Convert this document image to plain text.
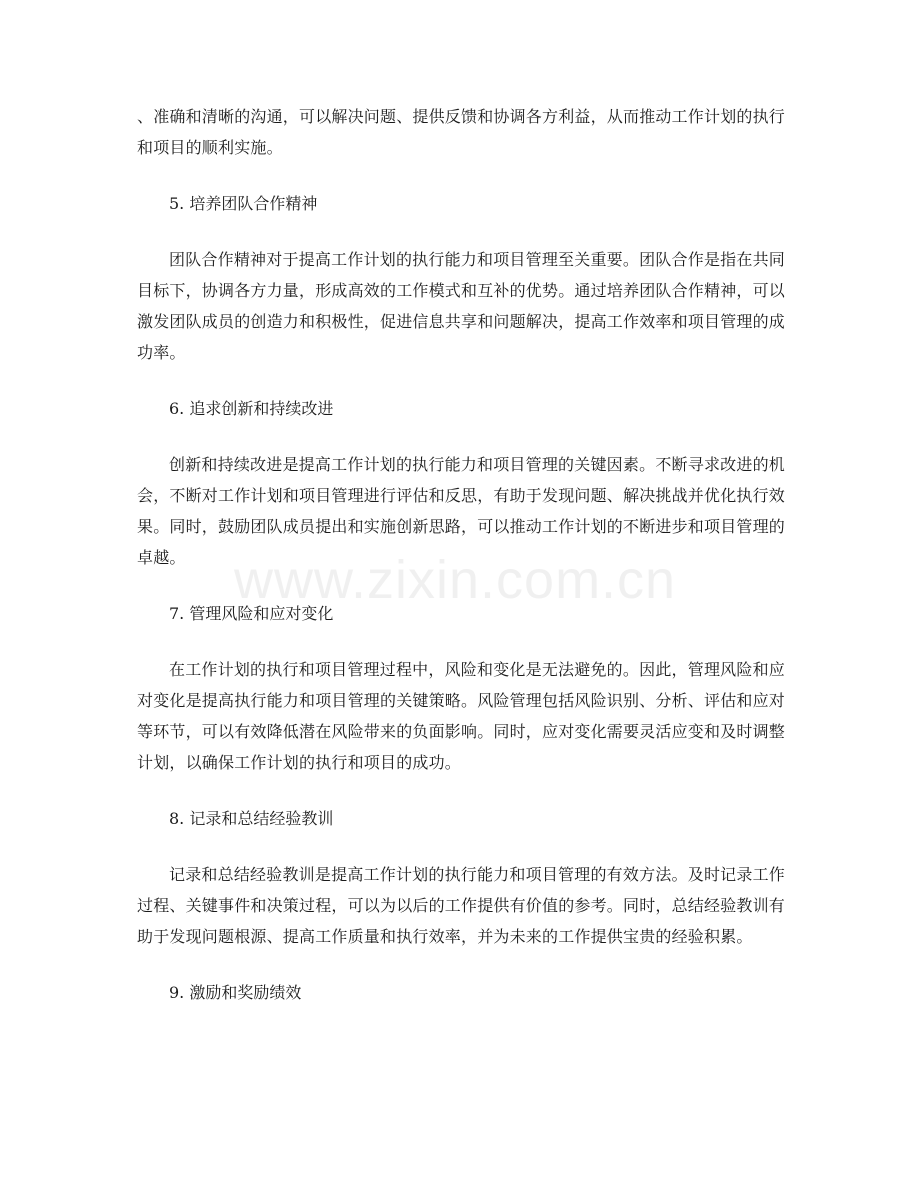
、准确和清晰的沟通，可以解决问题、提供反馈和协调各方利益，从而推动工作计划的执行和项目的顺利实施。

5. 培养团队合作精神

团队合作精神对于提高工作计划的执行能力和项目管理至关重要。团队合作是指在共同目标下，协调各方力量，形成高效的工作模式和互补的优势。通过培养团队合作精神，可以激发团队成员的创造力和积极性，促进信息共享和问题解决，提高工作效率和项目管理的成功率。

6. 追求创新和持续改进

创新和持续改进是提高工作计划的执行能力和项目管理的关键因素。不断寻求改进的机会，不断对工作计划和项目管理进行评估和反思，有助于发现问题、解决挑战并优化执行效果。同时，鼓励团队成员提出和实施创新思路，可以推动工作计划的不断进步和项目管理的卓越。

7. 管理风险和应对变化

在工作计划的执行和项目管理过程中，风险和变化是无法避免的。因此，管理风险和应对变化是提高执行能力和项目管理的关键策略。风险管理包括风险识别、分析、评估和应对等环节，可以有效降低潜在风险带来的负面影响。同时，应对变化需要灵活应变和及时调整计划，以确保工作计划的执行和项目的成功。

8. 记录和总结经验教训

记录和总结经验教训是提高工作计划的执行能力和项目管理的有效方法。及时记录工作过程、关键事件和决策过程，可以为以后的工作提供有价值的参考。同时，总结经验教训有助于发现问题根源、提高工作质量和执行效率，并为未来的工作提供宝贵的经验积累。

9. 激励和奖励绩效

www.zixin.com.cn
